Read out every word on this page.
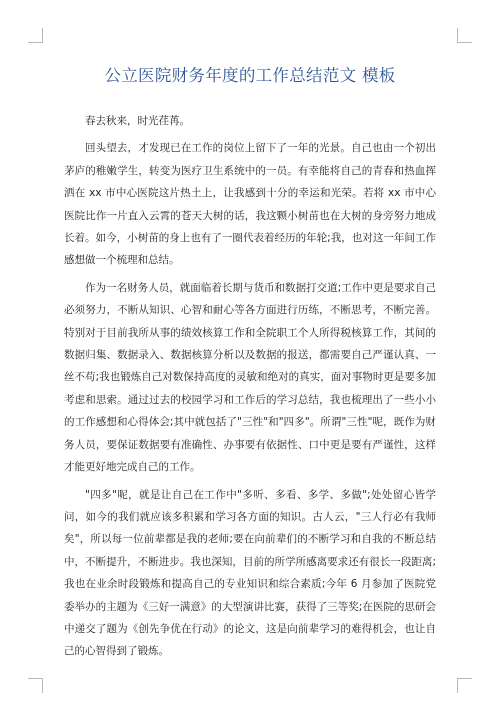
公立医院财务年度的工作总结范文 模板

春去秋来，时光荏苒。

回头望去，才发现已在工作的岗位上留下了一年的光景。自己也由一个初出茅庐的稚嫩学生，转变为医疗卫生系统中的一员。有幸能将自己的青春和热血挥洒在 xx 市中心医院这片热土上，让我感到十分的幸运和光荣。若将 xx 市中心医院比作一片直入云霄的苍天大树的话，我这颗小树苗也在大树的身旁努力地成长着。如今，小树苗的身上也有了一圈代表着经历的年轮;我，也对这一年间工作感想做一个梳理和总结。

作为一名财务人员，就面临着长期与货币和数据打交道;工作中更是要求自己必须努力，不断从知识、心智和耐心等各方面进行历练，不断思考，不断完善。特别对于目前我所从事的绩效核算工作和全院职工个人所得税核算工作，其间的数据归集、数据录入、数据核算分析以及数据的报送，都需要自己严谨认真、一丝不苟;我也锻炼自己对数保持高度的灵敏和绝对的真实，面对事物时更是要多加考虑和思索。通过过去的校园学习和工作后的学习总结，我也梳理出了一些小小的工作感想和心得体会;其中就包括了"三性"和"四多"。所谓"三性"呢，既作为财务人员，要保证数据要有准确性、办事要有依据性、口中更是要有严谨性，这样才能更好地完成自己的工作。

"四多"呢，就是让自己在工作中"多听、多看、多学、多做";处处留心皆学问，如今的我们就应该多积累和学习各方面的知识。古人云，"三人行必有我师矣"，所以每一位前辈都是我的老师;要在向前辈们的不断学习和自我的不断总结中，不断提升，不断进步。我也深知，目前的所学所感离要求还有很长一段距离;我也在业余时段锻炼和提高自己的专业知识和综合素质;今年 6 月参加了医院党委举办的主题为《三好一满意》的大型演讲比赛，获得了三等奖;在医院的思研会中递交了题为《创先争优在行动》的论文，这是向前辈学习的难得机会，也让自己的心智得到了锻炼。
